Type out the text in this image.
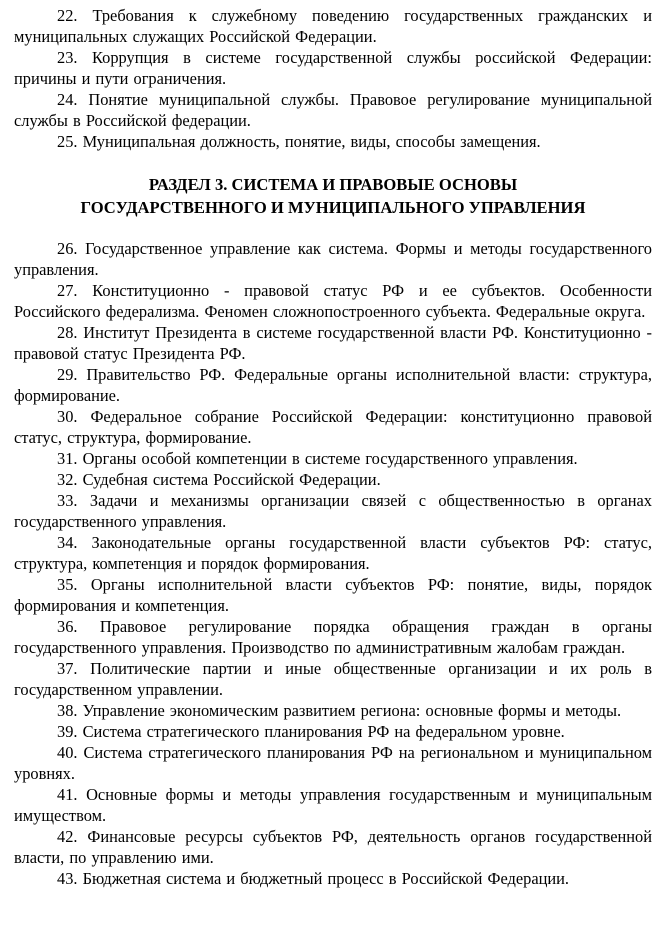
22. Требования к служебному поведению государственных гражданских и муниципальных служащих Российской Федерации.

23. Коррупция в системе государственной службы российской Федерации: причины и пути ограничения.

24. Понятие муниципальной службы. Правовое регулирование муниципальной службы в Российской федерации.

25. Муниципальная должность, понятие, виды, способы замещения.

РАЗДЕЛ 3. СИСТЕМА И ПРАВОВЫЕ ОСНОВЫ
ГОСУДАРСТВЕННОГО И МУНИЦИПАЛЬНОГО УПРАВЛЕНИЯ

26. Государственное управление как система. Формы и методы государственного управления.

27. Конституционно - правовой статус РФ и ее субъектов. Особенности Российского федерализма. Феномен сложнопостроенного субъекта. Федеральные округа.

28. Институт Президента в системе государственной власти РФ. Конституционно - правовой статус Президента РФ.

29. Правительство РФ. Федеральные органы исполнительной власти: структура, формирование.

30. Федеральное собрание Российской Федерации: конституционно правовой статус, структура, формирование.

31. Органы особой компетенции в системе государственного управления.

32. Судебная система Российской Федерации.

33. Задачи и механизмы организации связей с общественностью в органах государственного управления.

34. Законодательные органы государственной власти субъектов РФ: статус, структура, компетенция и порядок формирования.

35. Органы исполнительной власти субъектов РФ: понятие, виды, порядок формирования и компетенция.

36. Правовое регулирование порядка обращения граждан в органы государственного управления. Производство по административным жалобам граждан.

37. Политические партии и иные общественные организации и их роль в государственном управлении.

38. Управление экономическим развитием региона: основные формы и методы.

39. Система стратегического планирования РФ на федеральном уровне.

40. Система стратегического планирования РФ на региональном и муниципальном уровнях.

41. Основные формы и методы управления государственным и муниципальным имуществом.

42. Финансовые ресурсы субъектов РФ, деятельность органов государственной власти, по управлению ими.

43. Бюджетная система и бюджетный процесс в Российской Федерации.
